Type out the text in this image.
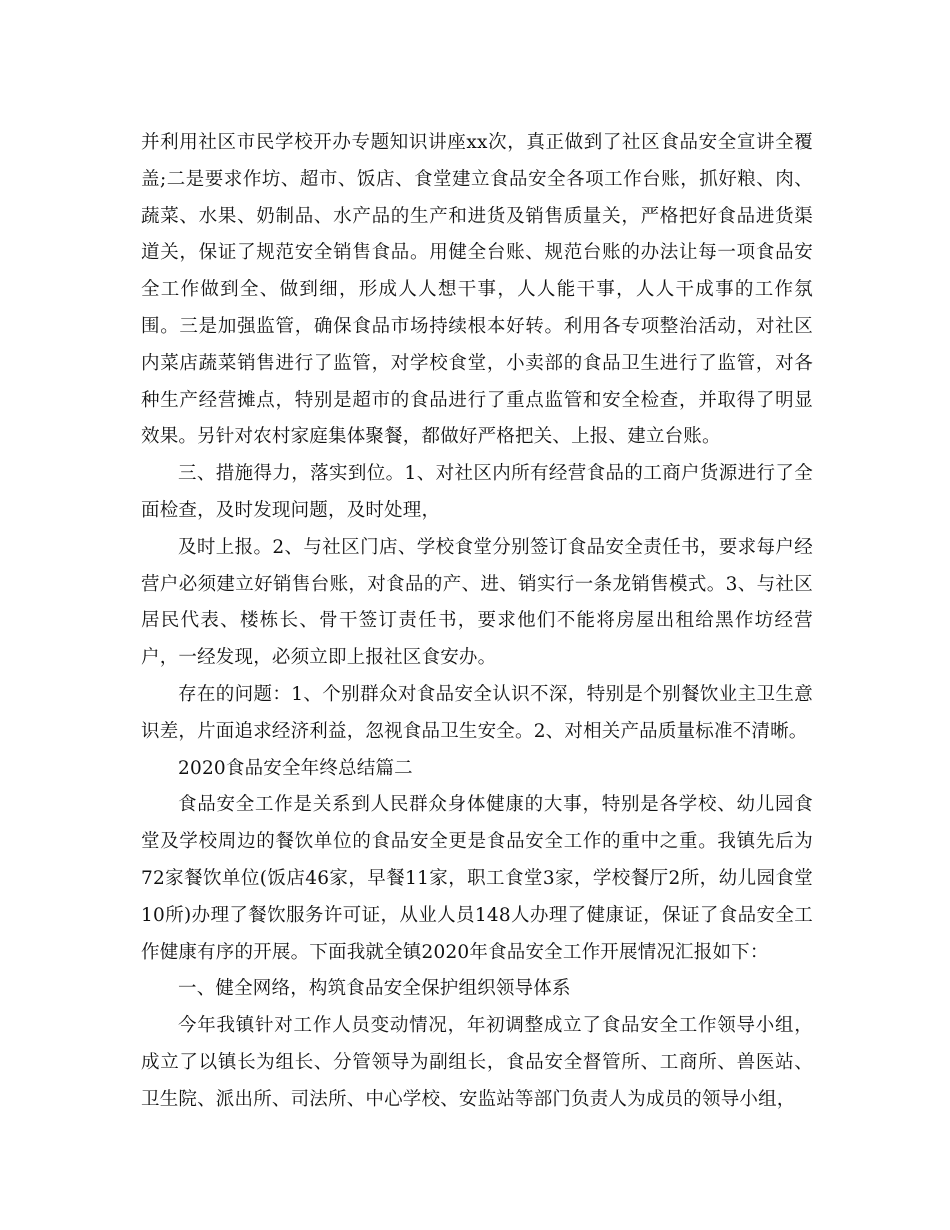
并利用社区市民学校开办专题知识讲座xx次，真正做到了社区食品安全宣讲全覆盖;二是要求作坊、超市、饭店、食堂建立食品安全各项工作台账，抓好粮、肉、蔬菜、水果、奶制品、水产品的生产和进货及销售质量关，严格把好食品进货渠道关，保证了规范安全销售食品。用健全台账、规范台账的办法让每一项食品安全工作做到全、做到细，形成人人想干事，人人能干事，人人干成事的工作氛围。三是加强监管，确保食品市场持续根本好转。利用各专项整治活动，对社区内菜店蔬菜销售进行了监管，对学校食堂，小卖部的食品卫生进行了监管，对各种生产经营摊点，特别是超市的食品进行了重点监管和安全检查，并取得了明显效果。另针对农村家庭集体聚餐，都做好严格把关、上报、建立台账。

三、措施得力，落实到位。1、对社区内所有经营食品的工商户货源进行了全面检查，及时发现问题，及时处理，

及时上报。2、与社区门店、学校食堂分别签订食品安全责任书，要求每户经营户必须建立好销售台账，对食品的产、进、销实行一条龙销售模式。3、与社区居民代表、楼栋长、骨干签订责任书，要求他们不能将房屋出租给黑作坊经营户，一经发现，必须立即上报社区食安办。

存在的问题：1、个别群众对食品安全认识不深，特别是个别餐饮业主卫生意识差，片面追求经济利益，忽视食品卫生安全。2、对相关产品质量标准不清晰。

2020食品安全年终总结篇二

食品安全工作是关系到人民群众身体健康的大事，特别是各学校、幼儿园食堂及学校周边的餐饮单位的食品安全更是食品安全工作的重中之重。我镇先后为72家餐饮单位(饭店46家，早餐11家，职工食堂3家，学校餐厅2所，幼儿园食堂10所)办理了餐饮服务许可证，从业人员148人办理了健康证，保证了食品安全工作健康有序的开展。下面我就全镇2020年食品安全工作开展情况汇报如下：

一、健全网络，构筑食品安全保护组织领导体系

今年我镇针对工作人员变动情况，年初调整成立了食品安全工作领导小组，成立了以镇长为组长、分管领导为副组长，食品安全督管所、工商所、兽医站、卫生院、派出所、司法所、中心学校、安监站等部门负责人为成员的领导小组，
